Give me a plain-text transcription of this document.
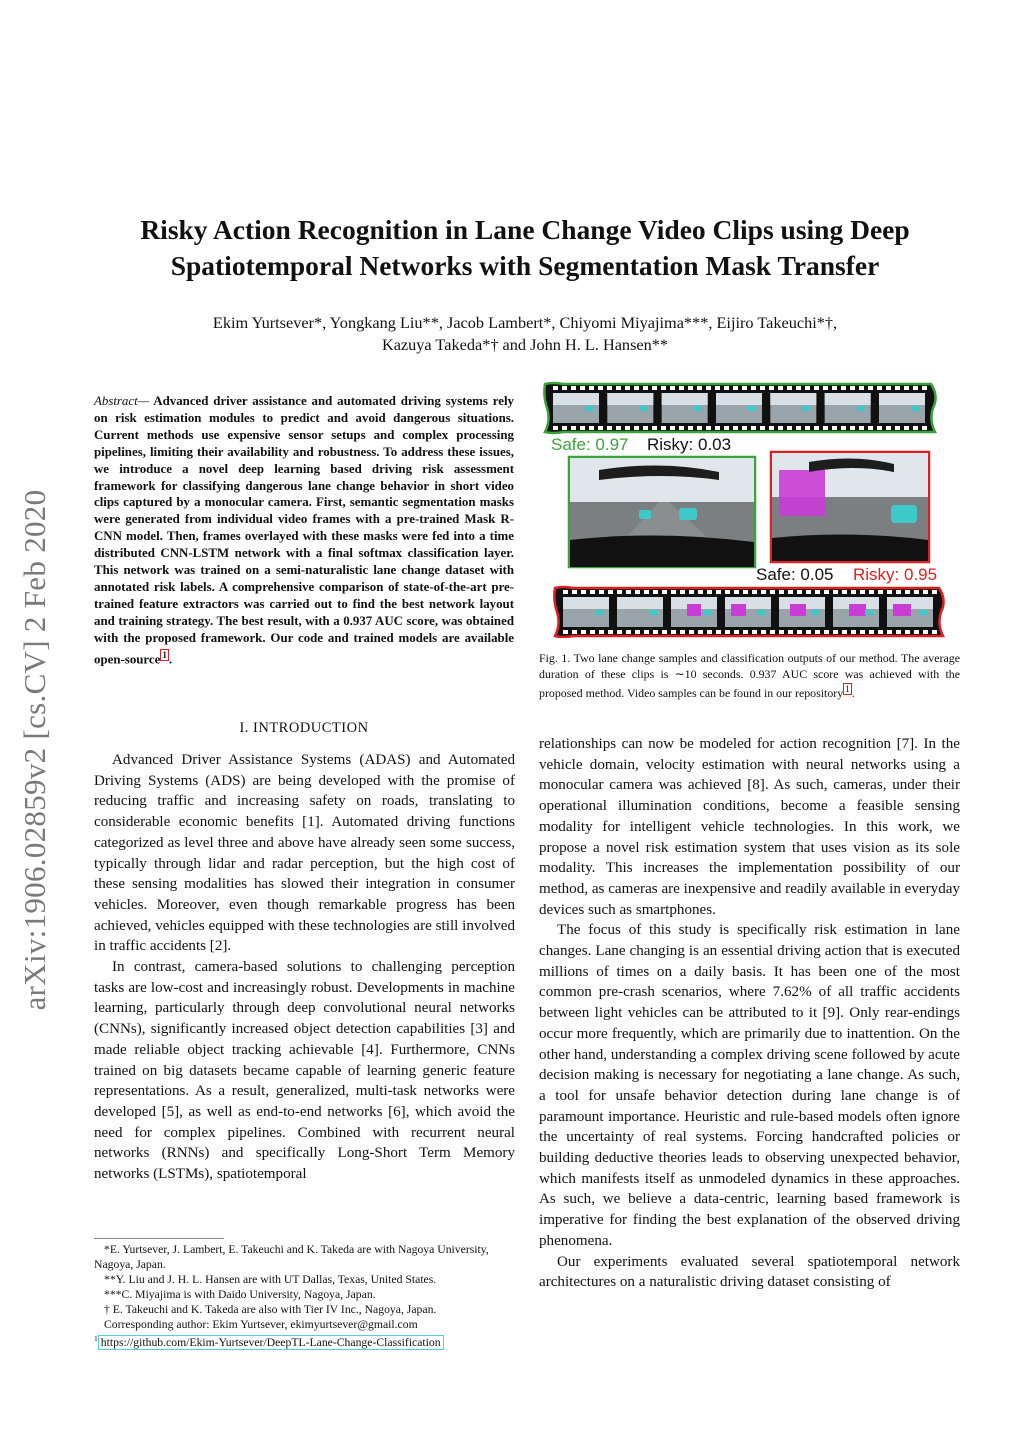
arXiv:1906.02859v2 [cs.CV] 2 Feb 2020
Risky Action Recognition in Lane Change Video Clips using Deep Spatiotemporal Networks with Segmentation Mask Transfer
Ekim Yurtsever*, Yongkang Liu**, Jacob Lambert*, Chiyomi Miyajima***, Eijiro Takeuchi*†,
Kazuya Takeda*† and John H. L. Hansen**
Abstract— Advanced driver assistance and automated driving systems rely on risk estimation modules to predict and avoid dangerous situations. Current methods use expensive sensor setups and complex processing pipelines, limiting their availability and robustness. To address these issues, we introduce a novel deep learning based driving risk assessment framework for classifying dangerous lane change behavior in short video clips captured by a monocular camera. First, semantic segmentation masks were generated from individual video frames with a pre-trained Mask R-CNN model. Then, frames overlayed with these masks were fed into a time distributed CNN-LSTM network with a final softmax classification layer. This network was trained on a semi-naturalistic lane change dataset with annotated risk labels. A comprehensive comparison of state-of-the-art pre-trained feature extractors was carried out to find the best network layout and training strategy. The best result, with a 0.937 AUC score, was obtained with the proposed framework. Our code and trained models are available open-source $^1$ .
I. INTRODUCTION

Advanced Driver Assistance Systems (ADAS) and Automated Driving Systems (ADS) are being developed with the promise of reducing traffic and increasing safety on roads, translating to considerable economic benefits [1]. Automated driving functions categorized as level three and above have already seen some success, typically through lidar and radar perception, but the high cost of these sensing modalities has slowed their integration in consumer vehicles. Moreover, even though remarkable progress has been achieved, vehicles equipped with these technologies are still involved in traffic accidents [2].

In contrast, camera-based solutions to challenging perception tasks are low-cost and increasingly robust. Developments in machine learning, particularly through deep convolutional neural networks (CNNs), significantly increased object detection capabilities [3] and made reliable object tracking achievable [4]. Furthermore, CNNs trained on big datasets became capable of learning generic feature representations. As a result, generalized, multi-task networks were developed [5], as well as end-to-end networks [6], which avoid the need for complex pipelines. Combined with recurrent neural networks (RNNs) and specifically Long-Short Term Memory networks (LSTMs), spatiotemporal

*E. Yurtsever, J. Lambert, E. Takeuchi and K. Takeda are with Nagoya University, Nagoya, Japan.
**Y. Liu and J. H. L. Hansen are with UT Dallas, Texas, United States.
***C. Miyajima is with Daido University, Nagoya, Japan.
† E. Takeuchi and K. Takeda are also with Tier IV Inc., Nagoya, Japan.
Corresponding author: Ekim Yurtsever, ekimyurtsever@gmail.com
$^1$ https://github.com/Ekim-Yurtsever/DeepTL-Lane-Change-Classification
Safe: 0.97 Risky: 0.03
Safe: 0.05 Risky: 0.95
Fig. 1. Two lane change samples and classification outputs of our method. The average duration of these clips is ∼10 seconds. 0.937 AUC score was achieved with the proposed method. Video samples can be found in our repository $^1$ .

relationships can now be modeled for action recognition [7]. In the vehicle domain, velocity estimation with neural networks using a monocular camera was achieved [8]. As such, cameras, under their operational illumination conditions, become a feasible sensing modality for intelligent vehicle technologies. In this work, we propose a novel risk estimation system that uses vision as its sole modality. This increases the implementation possibility of our method, as cameras are inexpensive and readily available in everyday devices such as smartphones.

The focus of this study is specifically risk estimation in lane changes. Lane changing is an essential driving action that is executed millions of times on a daily basis. It has been one of the most common pre-crash scenarios, where 7.62% of all traffic accidents between light vehicles can be attributed to it [9]. Only rear-endings occur more frequently, which are primarily due to inattention. On the other hand, understanding a complex driving scene followed by acute decision making is necessary for negotiating a lane change. As such, a tool for unsafe behavior detection during lane change is of paramount importance. Heuristic and rule-based models often ignore the uncertainty of real systems. Forcing handcrafted policies or building deductive theories leads to observing unexpected behavior, which manifests itself as unmodeled dynamics in these approaches. As such, we believe a data-centric, learning based framework is imperative for finding the best explanation of the observed driving phenomena.

Our experiments evaluated several spatiotemporal network architectures on a naturalistic driving dataset consisting of
